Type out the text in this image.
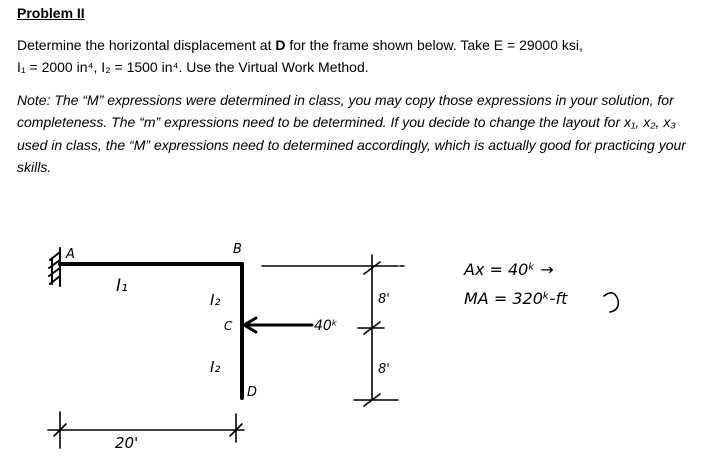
Problem II
Determine the horizontal displacement at D for the frame shown below. Take E = 29000 ksi,
I₁ = 2000 in⁴, I₂ = 1500 in⁴. Use the Virtual Work Method.
Note: The “M” expressions were determined in class, you may copy those expressions in your solution, for completeness. The “m” expressions need to be determined. If you decide to change the layout for x₁, x₂, x₃ used in class, the “M” expressions need to determined accordingly, which is actually good for practicing your skills.
A	B
C
D
I₁
I₂
I₂
40ᵏ
8'
8'
20'
Ax = 40ᵏ →
MA = 320ᵏ-ft
